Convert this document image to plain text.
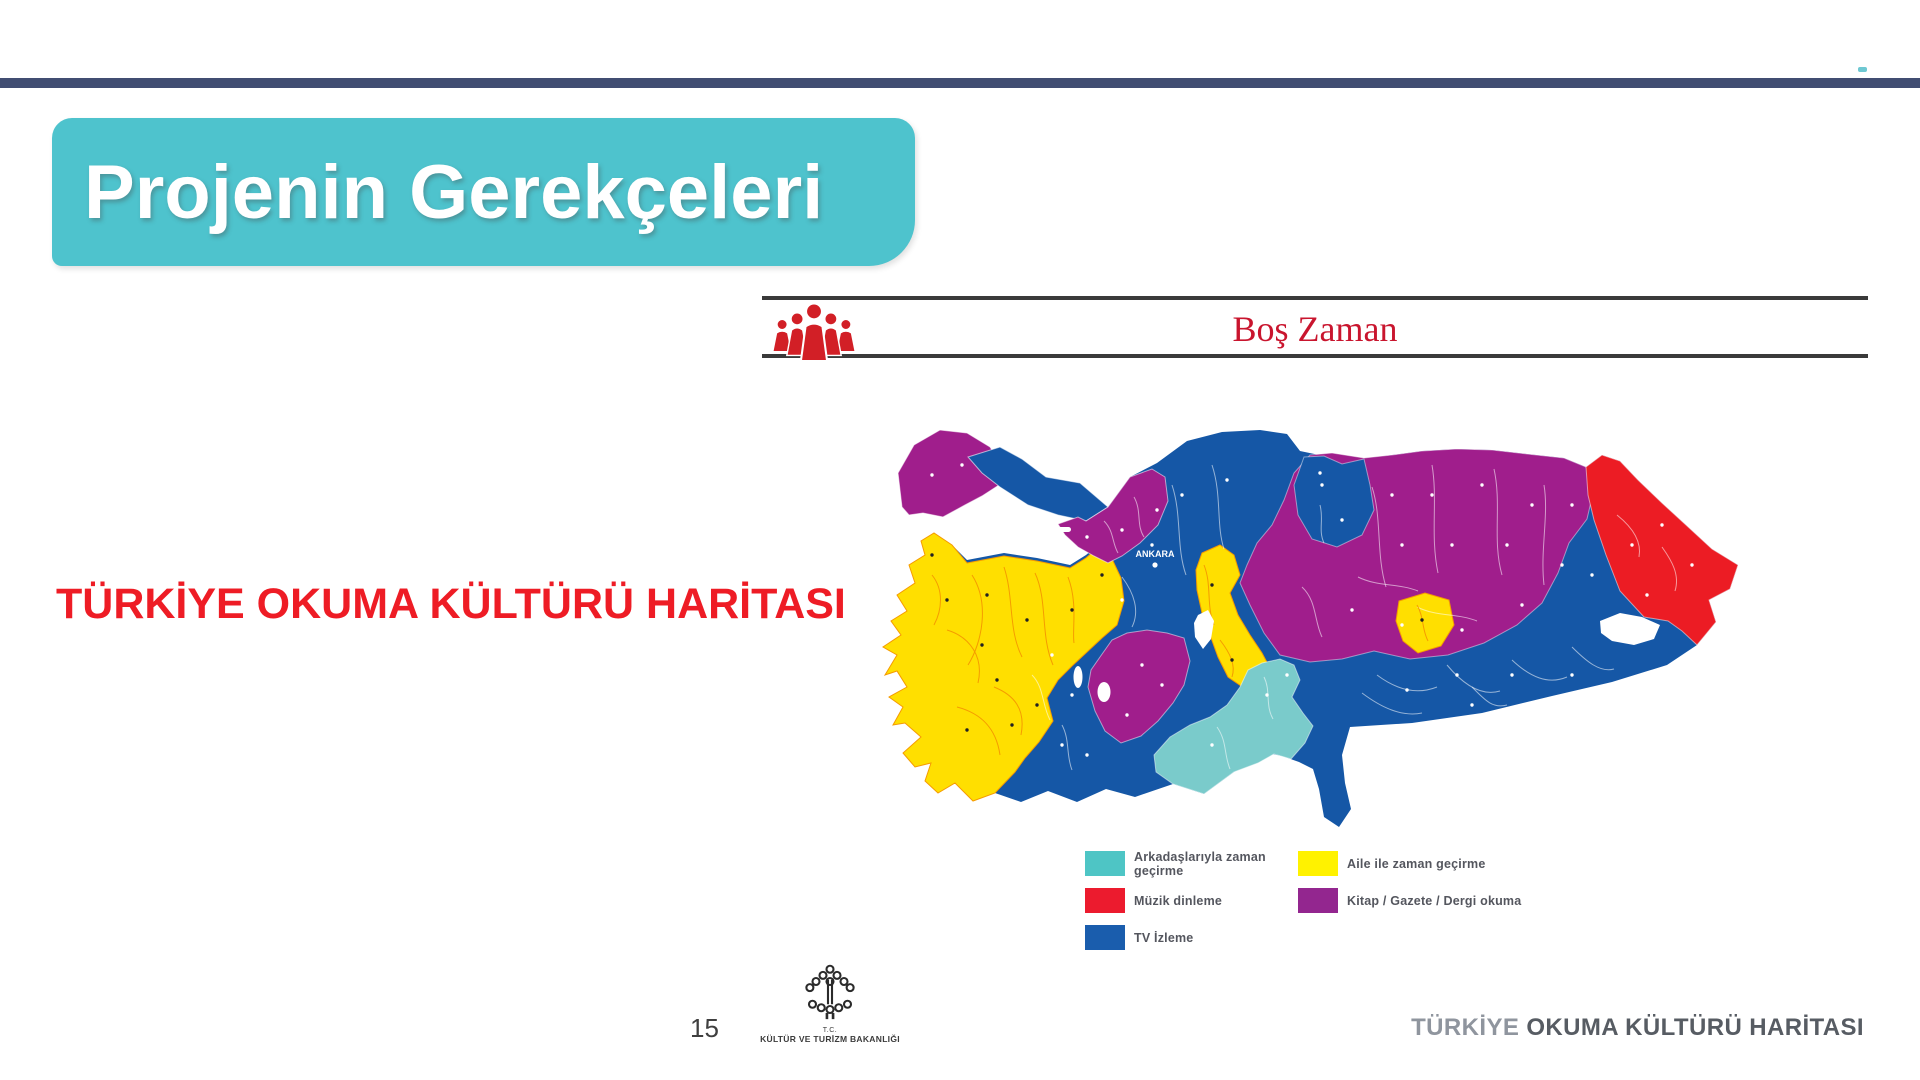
Projenin Gerekçeleri
TÜRKİYE OKUMA KÜLTÜRÜ HARİTASI
Boş Zaman
ANKARA
Arkadaşlarıyla zaman geçirme	Aile ile zaman geçirme
Müzik dinleme	Kitap / Gazete / Dergi okuma
TV İzleme
15	T.C.
KÜLTÜR VE TURİZM BAKANLIĞI	TÜRKİYE OKUMA KÜLTÜRÜ HARİTASI
